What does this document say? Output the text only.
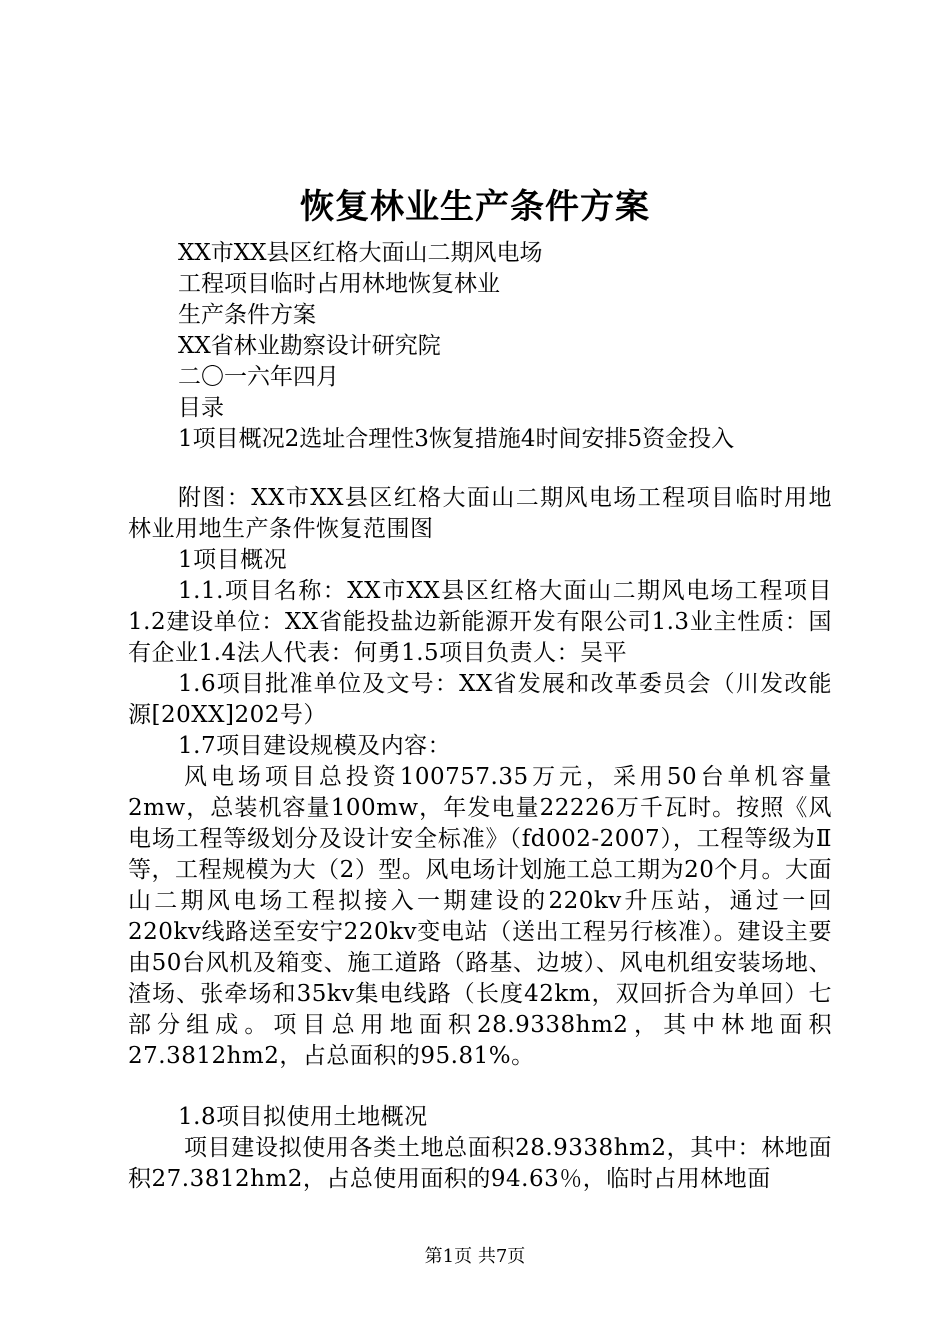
恢复林业生产条件方案

XX市XX县区红格大面山二期风电场

工程项目临时占用林地恢复林业

生产条件方案

XX省林业勘察设计研究院

二〇一六年四月

目录

1项目概况2选址合理性3恢复措施4时间安排5资金投入

附图：XX市XX县区红格大面山二期风电场工程项目临时用地林业用地生产条件恢复范围图

1项目概况

1.1.项目名称：XX市XX县区红格大面山二期风电场工程项目1.2建设单位：XX省能投盐边新能源开发有限公司1.3业主性质：国有企业1.4法人代表：何勇1.5项目负责人：吴平

1.6项目批准单位及文号：XX省发展和改革委员会（川发改能源[20XX]202号）

1.7项目建设规模及内容：

风电场项目总投资100757.35万元，采用50台单机容量2mw，总装机容量100mw，年发电量22226万千瓦时。按照《风电场工程等级划分及设计安全标准》（fd002-2007），工程等级为Ⅱ等，工程规模为大（2）型。风电场计划施工总工期为20个月。大面山二期风电场工程拟接入一期建设的220kv升压站，通过一回220kv线路送至安宁220kv变电站（送出工程另行核准）。建设主要由50台风机及箱变、施工道路（路基、边坡）、风电机组安装场地、渣场、张牵场和35kv集电线路（长度42km，双回折合为单回）七部分组成。项目总用地面积28.9338hm2，其中林地面积27.3812hm2，占总面积的95.81%。

1.8项目拟使用土地概况

项目建设拟使用各类土地总面积28.9338hm2，其中：林地面积27.3812hm2，占总使用面积的94.63％，临时占用林地面

第1页 共7页
